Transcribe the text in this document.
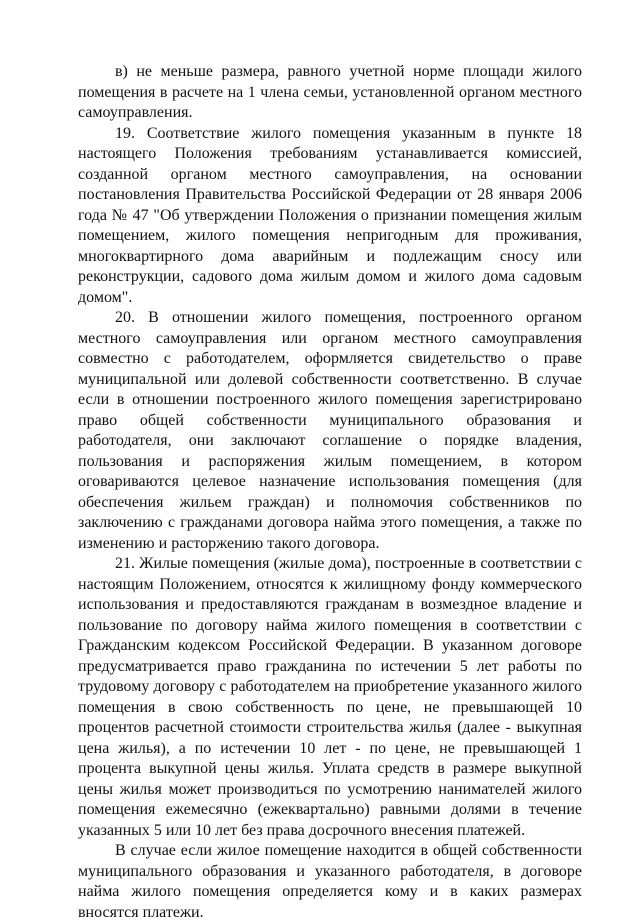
в) не меньше размера, равного учетной норме площади жилого помещения в расчете на 1 члена семьи, установленной органом местного самоуправления.

19. Соответствие жилого помещения указанным в пункте 18 настоящего Положения требованиям устанавливается комиссией, созданной органом местного самоуправления, на основании постановления Правительства Российской Федерации от 28 января 2006 года № 47 "Об утверждении Положения о признании помещения жилым помещением, жилого помещения непригодным для проживания, многоквартирного дома аварийным и подлежащим сносу или реконструкции, садового дома жилым домом и жилого дома садовым домом".

20. В отношении жилого помещения, построенного органом местного самоуправления или органом местного самоуправления совместно с работодателем, оформляется свидетельство о праве муниципальной или долевой собственности соответственно. В случае если в отношении построенного жилого помещения зарегистрировано право общей собственности муниципального образования и работодателя, они заключают соглашение о порядке владения, пользования и распоряжения жилым помещением, в котором оговариваются целевое назначение использования помещения (для обеспечения жильем граждан) и полномочия собственников по заключению с гражданами договора найма этого помещения, а также по изменению и расторжению такого договора.

21. Жилые помещения (жилые дома), построенные в соответствии с настоящим Положением, относятся к жилищному фонду коммерческого использования и предоставляются гражданам в возмездное владение и пользование по договору найма жилого помещения в соответствии с Гражданским кодексом Российской Федерации. В указанном договоре предусматривается право гражданина по истечении 5 лет работы по трудовому договору с работодателем на приобретение указанного жилого помещения в свою собственность по цене, не превышающей 10 процентов расчетной стоимости строительства жилья (далее - выкупная цена жилья), а по истечении 10 лет - по цене, не превышающей 1 процента выкупной цены жилья. Уплата средств в размере выкупной цены жилья может производиться по усмотрению нанимателей жилого помещения ежемесячно (ежеквартально) равными долями в течение указанных 5 или 10 лет без права досрочного внесения платежей.

В случае если жилое помещение находится в общей собственности муниципального образования и указанного работодателя, в договоре найма жилого помещения определяется кому и в каких размерах вносятся платежи.
